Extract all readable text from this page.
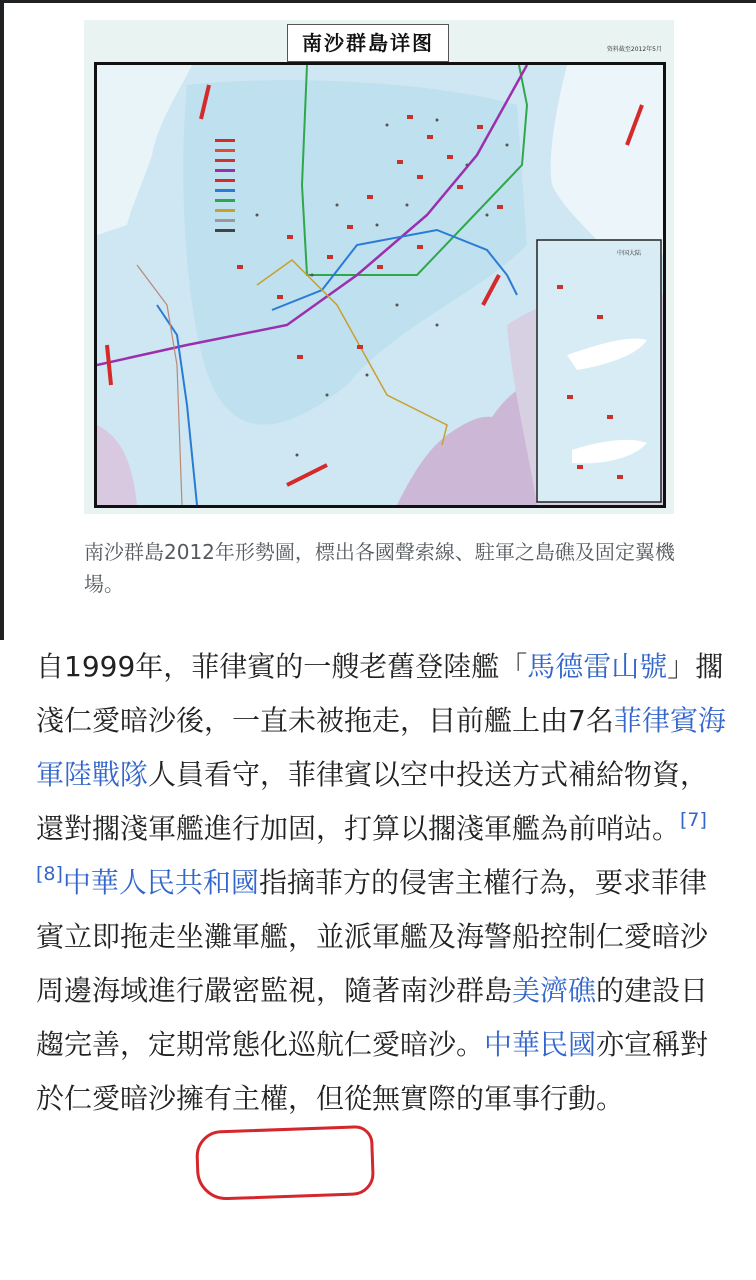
南沙群島详图	资料截至2012年5月
中国大陆

南沙群島2012年形勢圖，標出各國聲索線、駐軍之島礁及固定翼機場。

自1999年，菲律賓的一艘老舊登陸艦「馬德雷山號」擱淺仁愛暗沙後，一直未被拖走，目前艦上由7名菲律賓海軍陸戰隊人員看守，菲律賓以空中投送方式補給物資，還對擱淺軍艦進行加固，打算以擱淺軍艦為前哨站。[7][8]中華人民共和國指摘菲方的侵害主權行為，要求菲律賓立即拖走坐灘軍艦，並派軍艦及海警船控制仁愛暗沙周邊海域進行嚴密監視，隨著南沙群島美濟礁的建設日趨完善，定期常態化巡航仁愛暗沙。中華民國亦宣稱對於仁愛暗沙擁有主權，但從無實際的軍事行動。
